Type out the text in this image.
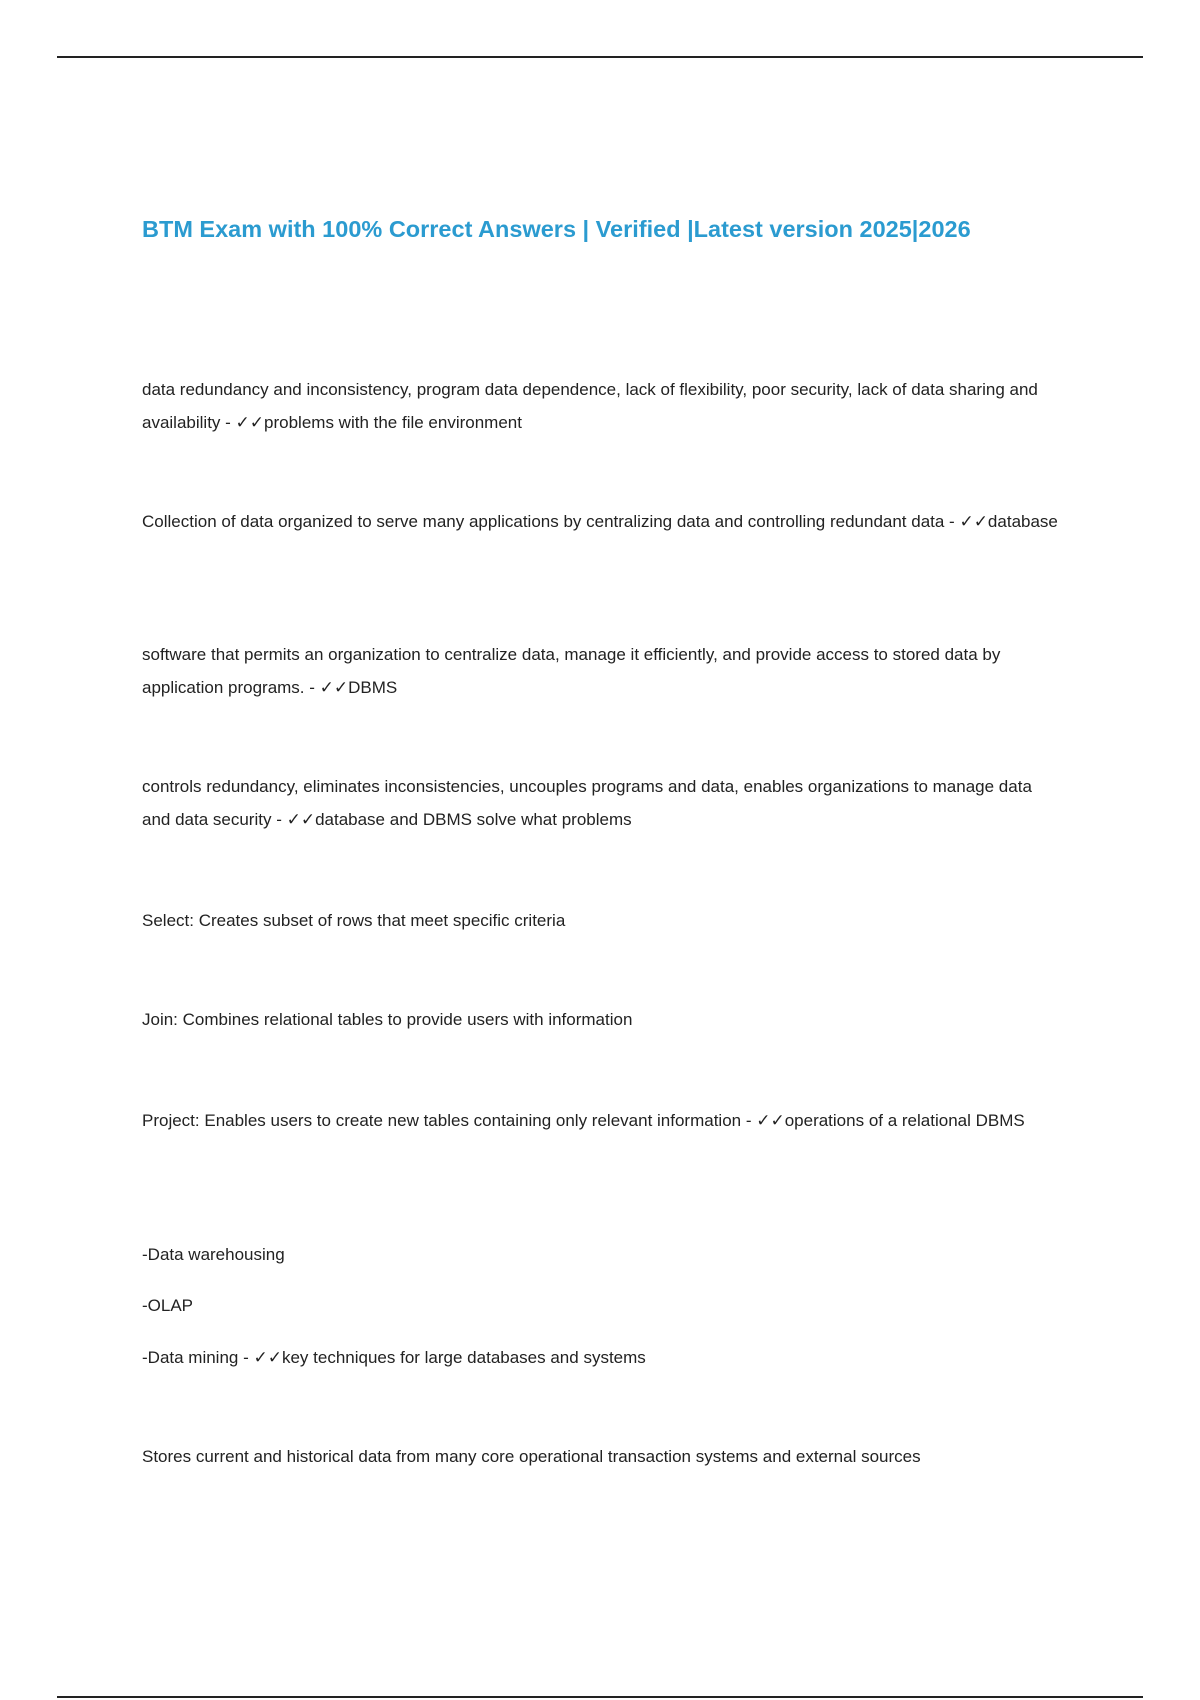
BTM Exam with 100% Correct Answers | Verified |Latest version 2025|2026

data redundancy and inconsistency, program data dependence, lack of flexibility, poor security, lack of data sharing and availability - ✓✓problems with the file environment

Collection of data organized to serve many applications by centralizing data and controlling redundant data - ✓✓database

software that permits an organization to centralize data, manage it efficiently, and provide access to stored data by application programs. - ✓✓DBMS

controls redundancy, eliminates inconsistencies, uncouples programs and data, enables organizations to manage data and data security - ✓✓database and DBMS solve what problems

Select: Creates subset of rows that meet specific criteria

Join: Combines relational tables to provide users with information

Project: Enables users to create new tables containing only relevant information - ✓✓operations of a relational DBMS

-Data warehousing

-OLAP

-Data mining - ✓✓key techniques for large databases and systems

Stores current and historical data from many core operational transaction systems and external sources
